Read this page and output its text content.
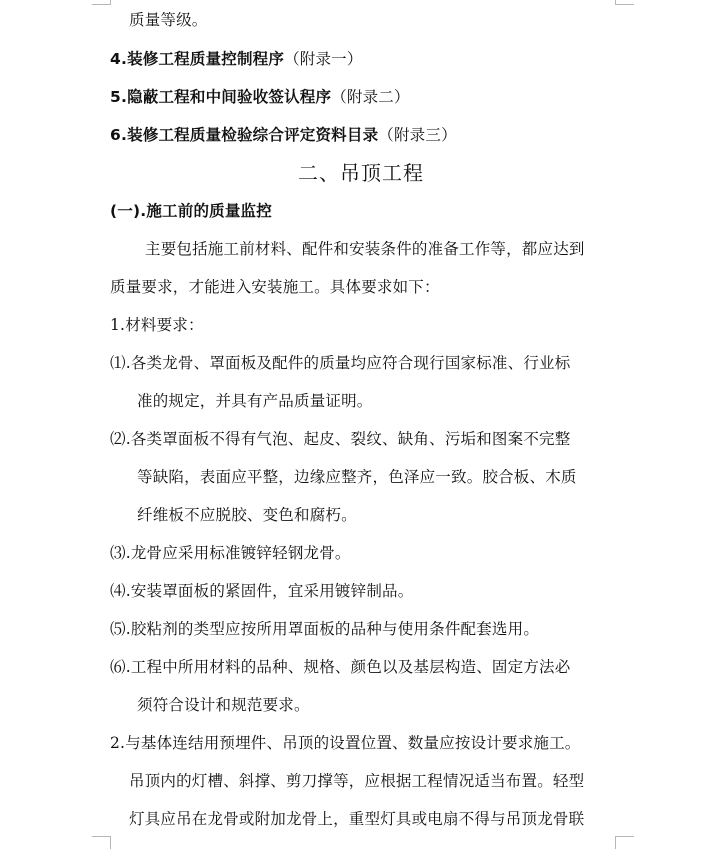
质量等级。
4.装修工程质量控制程序（附录一）
5.隐蔽工程和中间验收签认程序（附录二）
6.装修工程质量检验综合评定资料目录（附录三）
二、吊顶工程
(一).施工前的质量监控
主要包括施工前材料、配件和安装条件的准备工作等，都应达到
质量要求，才能进入安装施工。具体要求如下：
1.材料要求：
⑴.各类龙骨、罩面板及配件的质量均应符合现行国家标准、行业标
准的规定，并具有产品质量证明。
⑵.各类罩面板不得有气泡、起皮、裂纹、缺角、污垢和图案不完整
等缺陷，表面应平整，边缘应整齐，色泽应一致。胶合板、木质
纤维板不应脱胶、变色和腐朽。
⑶.龙骨应采用标准镀锌轻钢龙骨。
⑷.安装罩面板的紧固件，宜采用镀锌制品。
⑸.胶粘剂的类型应按所用罩面板的品种与使用条件配套选用。
⑹.工程中所用材料的品种、规格、颜色以及基层构造、固定方法必
须符合设计和规范要求。
2.与基体连结用预埋件、吊顶的设置位置、数量应按设计要求施工。
吊顶内的灯槽、斜撑、剪刀撑等，应根据工程情况适当布置。轻型
灯具应吊在龙骨或附加龙骨上，重型灯具或电扇不得与吊顶龙骨联
